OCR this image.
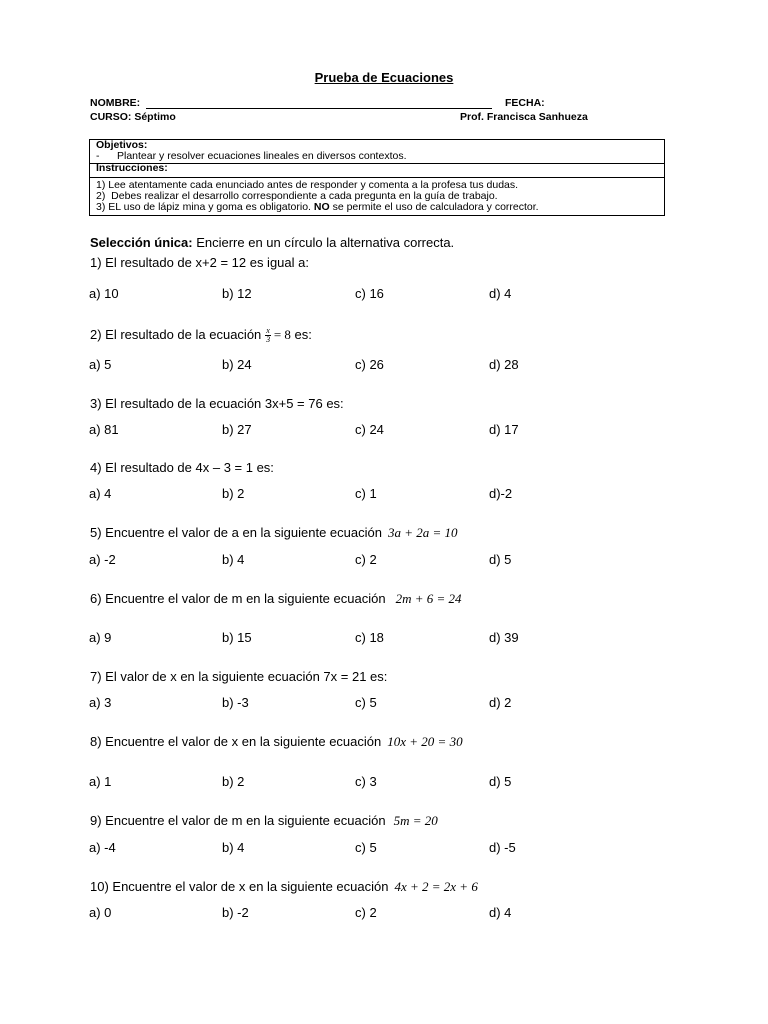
Prueba de Ecuaciones
NOMBRE:	FECHA:
CURSO: Séptimo	Prof. Francisca Sanhueza
Objetivos:
-      Plantear y resolver ecuaciones lineales en diversos contextos.
Instrucciones:
1) Lee atentamente cada enunciado antes de responder y comenta a la profesa tus dudas.
2)  Debes realizar el desarrollo correspondiente a cada pregunta en la guía de trabajo.
3) EL uso de lápiz mina y goma es obligatorio. NO se permite el uso de calculadora y corrector.
Selección única: Encierre en un círculo la alternativa correcta.
1) El resultado de x+2 = 12 es igual a:
a) 10	b) 12	c) 16	d) 4
2) El resultado de la ecuación $\frac{x}{3} = 8$ es:
a) 5	b) 24	c) 26	d) 28
3) El resultado de la ecuación 3x+5 = 76 es:
a) 81	b) 27	c) 24	d) 17
4) El resultado de 4x – 3 = 1 es:
a) 4	b) 2	c) 1	d)-2
5) Encuentre el valor de a en la siguiente ecuación 3a + 2a = 10
a) -2	b) 4	c) 2	d) 5
6) Encuentre el valor de m en la siguiente ecuación 2m + 6 = 24
a) 9	b) 15	c) 18	d) 39
7) El valor de x en la siguiente ecuación 7x = 21 es:
a) 3	b) -3	c) 5	d) 2
8) Encuentre el valor de x en la siguiente ecuación 10x + 20 = 30
a) 1	b) 2	c) 3	d) 5
9) Encuentre el valor de m en la siguiente ecuación 5m = 20
a) -4	b) 4	c) 5	d) -5
10) Encuentre el valor de x en la siguiente ecuación 4x + 2 = 2x + 6
a) 0	b) -2	c) 2	d) 4
